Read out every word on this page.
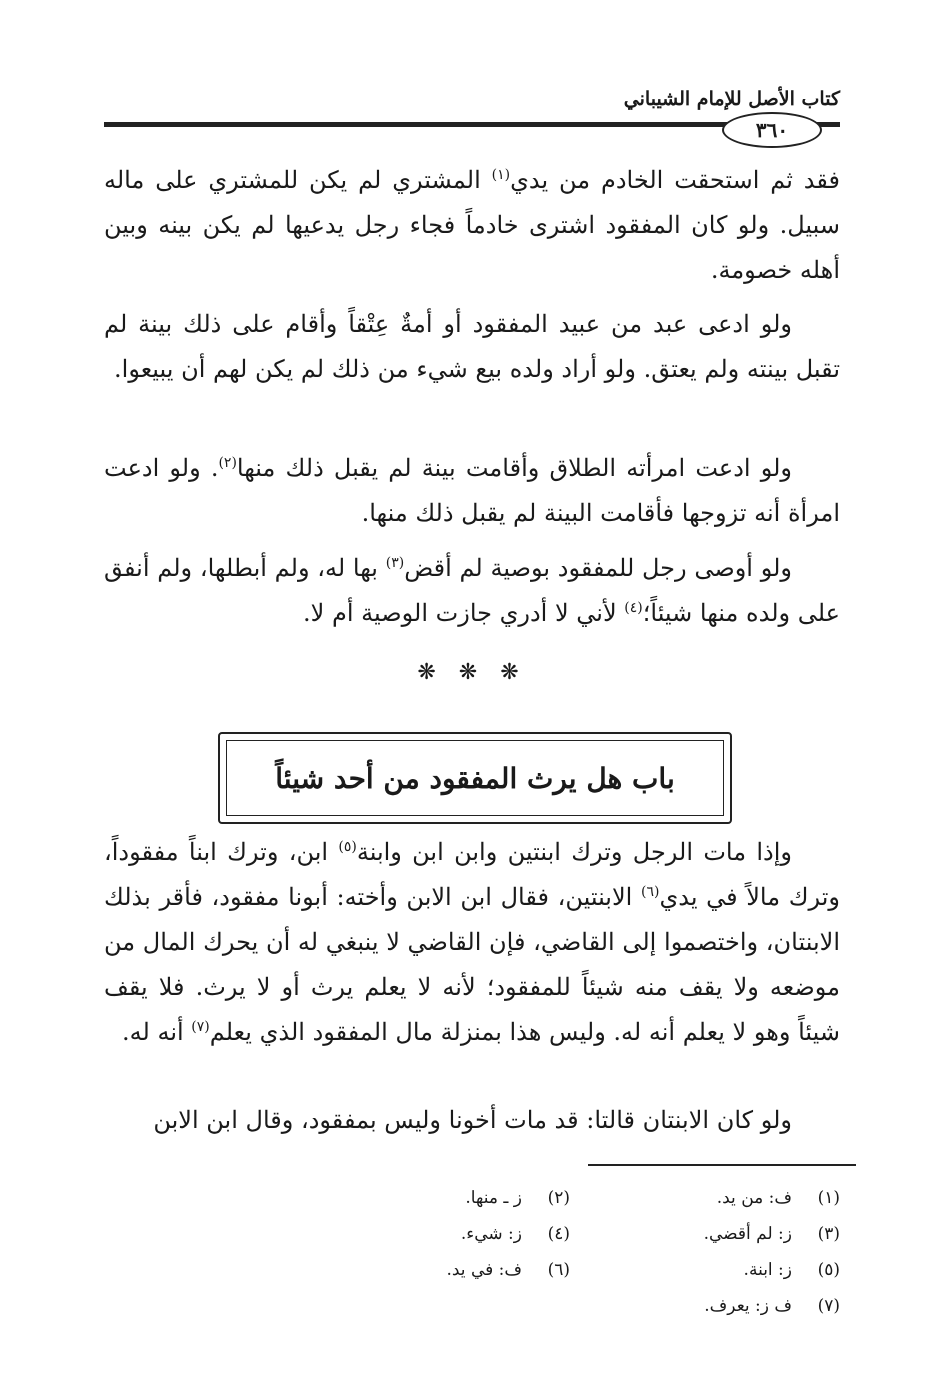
كتاب الأصل للإمام الشيباني
٣٦٠
فقد ثم استحقت الخادم من يدي$^{(١)}$ المشتري لم يكن للمشتري على ماله سبيل. ولو كان المفقود اشترى خادماً فجاء رجل يدعيها لم يكن بينه وبين أهله خصومة.
ولو ادعى عبد من عبيد المفقود أو أمةٌ عِتْقاً وأقام على ذلك بينة لم تقبل بينته ولم يعتق. ولو أراد ولده بيع شيء من ذلك لم يكن لهم أن يبيعوا.
ولو ادعت امرأته الطلاق وأقامت بينة لم يقبل ذلك منها$^{(٢)}$. ولو ادعت امرأة أنه تزوجها فأقامت البينة لم يقبل ذلك منها.
ولو أوصى رجل للمفقود بوصية لم أقض$^{(٣)}$ بها له، ولم أبطلها، ولم أنفق على ولده منها شيئاً؛$^{(٤)}$ لأني لا أدري جازت الوصية أم لا.
❋ ❋ ❋
باب هل يرث المفقود من أحد شيئاً
وإذا مات الرجل وترك ابنتين وابن ابن وابنة$^{(٥)}$ ابن، وترك ابناً مفقوداً، وترك مالاً في يدي$^{(٦)}$ الابنتين، فقال ابن الابن وأخته: أبونا مفقود، فأقر بذلك الابنتان، واختصموا إلى القاضي، فإن القاضي لا ينبغي له أن يحرك المال من موضعه ولا يقف منه شيئاً للمفقود؛ لأنه لا يعلم يرث أو لا يرث. فلا يقف شيئاً وهو لا يعلم أنه له. وليس هذا بمنزلة مال المفقود الذي يعلم$^{(٧)}$ أنه له.
ولو كان الابنتان قالتا: قد مات أخونا وليس بمفقود، وقال ابن الابن
(١)
ف: من يد.
(٢)
ز ـ منها.
(٣)
ز: لم أقضي.
(٤)
ز: شيء.
(٥)
ز: ابنة.
(٦)
ف: في يد.
(٧)
ف ز: يعرف.
